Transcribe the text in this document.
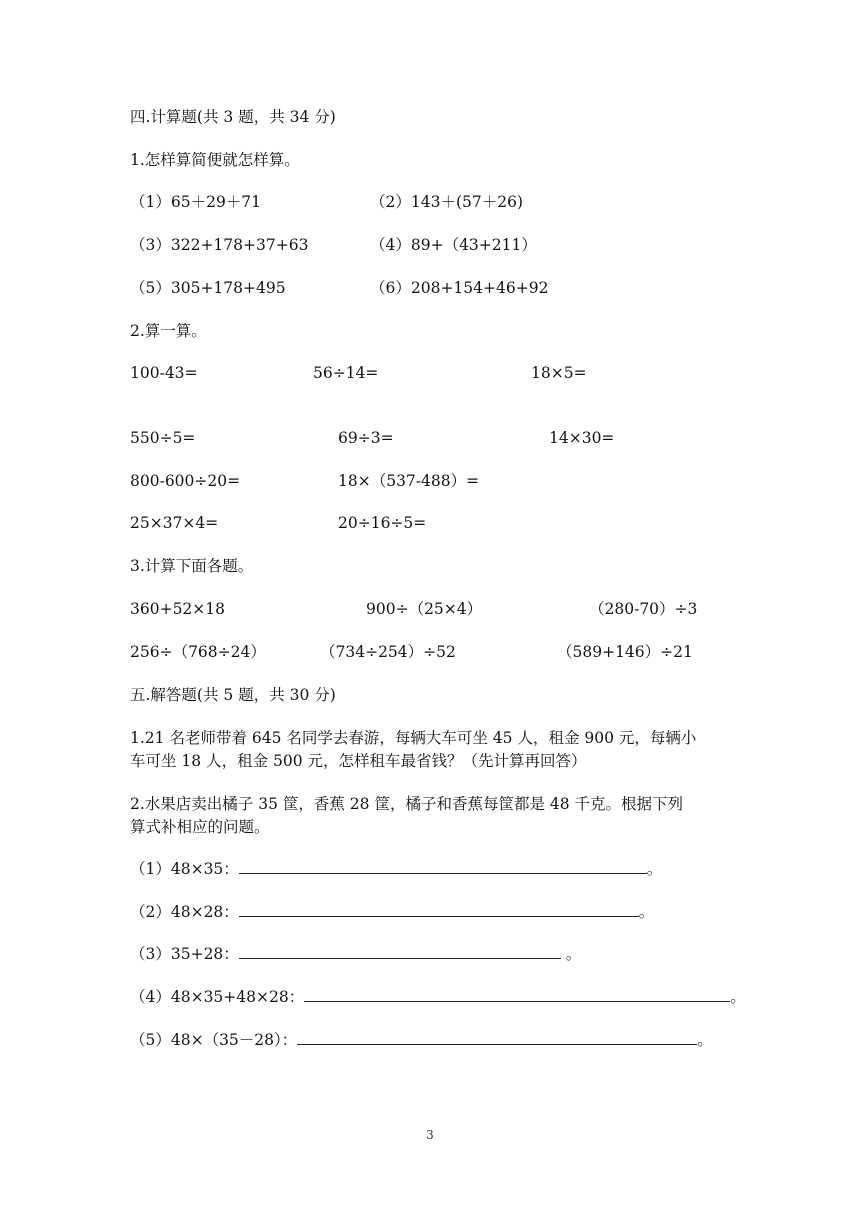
四.计算题(共 3 题，共 34 分)
1.怎样算简便就怎样算。
（1）65＋29＋71	（2）143＋(57＋26)
（3）322+178+37+63	（4）89+（43+211）
（5）305+178+495	（6）208+154+46+92
2.算一算。
100-43=	56÷14=	18×5=
550÷5=	69÷3=	14×30=
800-600÷20=	18×（537-488）=
25×37×4=	20÷16÷5=
3.计算下面各题。
360+52×18	900÷（25×4）	（280-70）÷3
256÷（768÷24）	（734÷254）÷52	（589+146）÷21
五.解答题(共 5 题，共 30 分)
1.21 名老师带着 645 名同学去春游，每辆大车可坐 45 人，租金 900 元，每辆小
车可坐 18 人，租金 500 元，怎样租车最省钱？（先计算再回答）
2.水果店卖出橘子 35 筐，香蕉 28 筐，橘子和香蕉每筐都是 48 千克。根据下列
算式补相应的问题。
（1）48×35：	。
（2）48×28：	。
（3）35+28：	。
（4）48×35+48×28：	。
（5）48×（35－28）：	。
3
